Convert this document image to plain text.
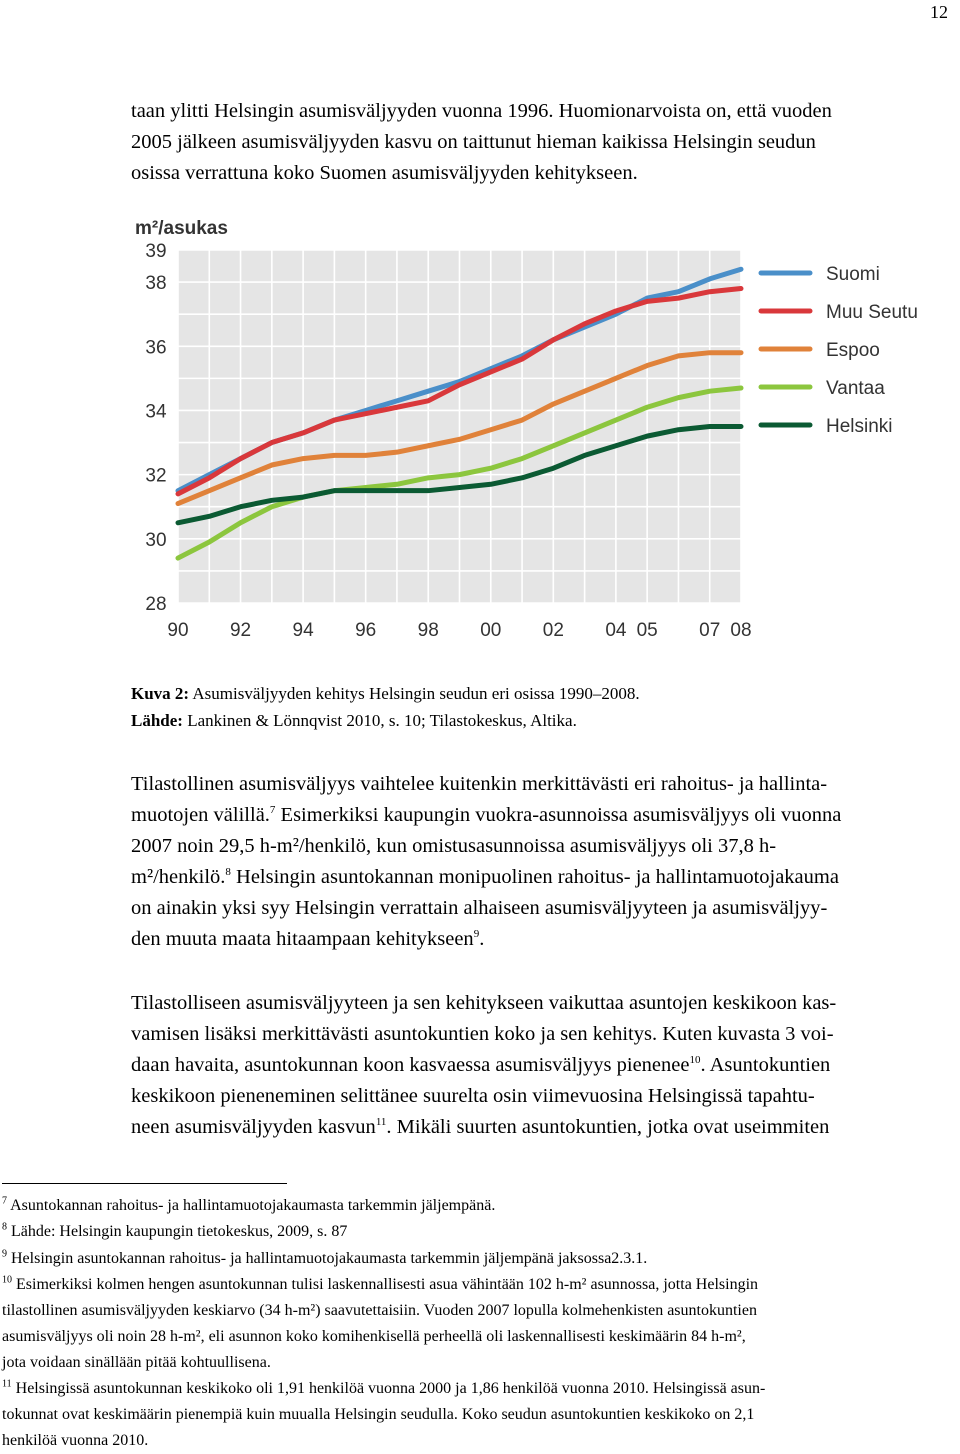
12

taan ylitti Helsingin asumisväljyyden vuonna 1996. Huomionarvoista on, että vuoden
2005 jälkeen asumisväljyyden kasvu on taittunut hieman kaikissa Helsingin seudun
osissa verrattuna koko Suomen asumisväljyyden kehitykseen.

m²/asukas
28
30
32
34
36
38
39
90 92 94 96 98 00 02 04 05 07 08
Suomi
Muu Seutu
Espoo
Vantaa
Helsinki
Kuva 2: Asumisväljyyden kehitys Helsingin seudun eri osissa 1990–2008.
Lähde: Lankinen & Lönnqvist 2010, s. 10; Tilastokeskus, Altika.

Tilastollinen asumisväljyys vaihtelee kuitenkin merkittävästi eri rahoitus- ja hallinta-
muotojen välillä.$^7$ Esimerkiksi kaupungin vuokra-asunnoissa asumisväljyys oli vuonna
2007 noin 29,5 h-m²/henkilö, kun omistusasunnoissa asumisväljyys oli 37,8 h-
m²/henkilö.$^8$ Helsingin asuntokannan monipuolinen rahoitus- ja hallintamuotojakauma
on ainakin yksi syy Helsingin verrattain alhaiseen asumisväljyyteen ja asumisväljyy-
den muuta maata hitaampaan kehitykseen$^9$.

Tilastolliseen asumisväljyyteen ja sen kehitykseen vaikuttaa asuntojen keskikoon kas-
vamisen lisäksi merkittävästi asuntokuntien koko ja sen kehitys. Kuten kuvasta 3 voi-
daan havaita, asuntokunnan koon kasvaessa asumisväljyys pienenee$^{10}$. Asuntokuntien
keskikoon pieneneminen selittänee suurelta osin viimevuosina Helsingissä tapahtu-
neen asumisväljyyden kasvun$^{11}$. Mikäli suurten asuntokuntien, jotka ovat useimmiten

$^7$ Asuntokannan rahoitus- ja hallintamuotojakaumasta tarkemmin jäljempänä.
$^8$ Lähde: Helsingin kaupungin tietokeskus, 2009, s. 87
$^9$ Helsingin asuntokannan rahoitus- ja hallintamuotojakaumasta tarkemmin jäljempänä jaksossa2.3.1.
$^{10}$ Esimerkiksi kolmen hengen asuntokunnan tulisi laskennallisesti asua vähintään 102 h-m² asunnossa, jotta Helsingin
tilastollinen asumisväljyyden keskiarvo (34 h-m²) saavutettaisiin. Vuoden 2007 lopulla kolmehenkisten asuntokuntien
asumisväljyys oli noin 28 h-m², eli asunnon koko komihenkisellä perheellä oli laskennallisesti keskimäärin 84 h-m²,
jota voidaan sinällään pitää kohtuullisena.
$^{11}$ Helsingissä asuntokunnan keskikoko oli 1,91 henkilöä vuonna 2000 ja 1,86 henkilöä vuonna 2010. Helsingissä asun-
tokunnat ovat keskimäärin pienempiä kuin muualla Helsingin seudulla. Koko seudun asuntokuntien keskikoko on 2,1
henkilöä vuonna 2010.
